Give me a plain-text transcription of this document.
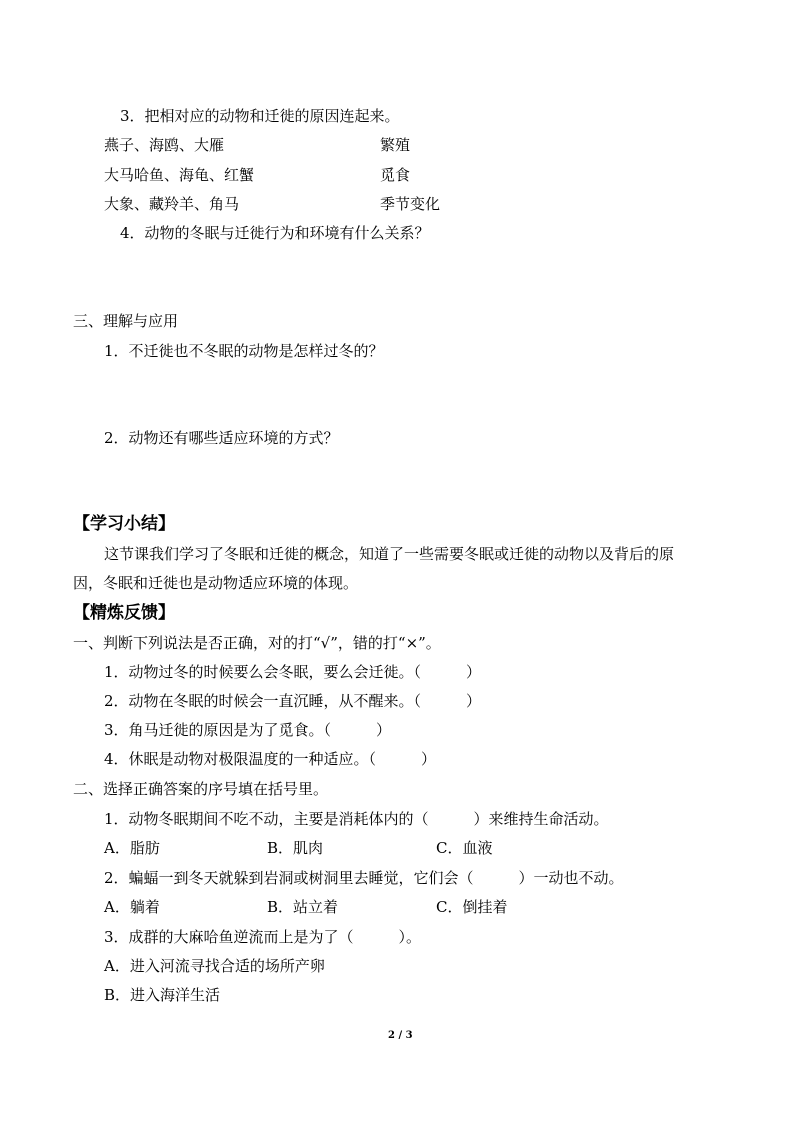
3．把相对应的动物和迁徙的原因连起来。
燕子、海鸥、大雁	繁殖
大马哈鱼、海龟、红蟹	觅食
大象、藏羚羊、角马	季节变化
4．动物的冬眠与迁徙行为和环境有什么关系？
三、理解与应用
1．不迁徙也不冬眠的动物是怎样过冬的？
2．动物还有哪些适应环境的方式？
【学习小结】
这节课我们学习了冬眠和迁徙的概念，知道了一些需要冬眠或迁徙的动物以及背后的原
因，冬眠和迁徙也是动物适应环境的体现。
【精炼反馈】
一、判断下列说法是否正确，对的打“√”，错的打“×”。
1．动物过冬的时候要么会冬眠，要么会迁徙。（　　　）
2．动物在冬眠的时候会一直沉睡，从不醒来。（　　　）
3．角马迁徙的原因是为了觅食。（　　　）
4．休眠是动物对极限温度的一种适应。（　　　）
二、选择正确答案的序号填在括号里。
1．动物冬眠期间不吃不动，主要是消耗体内的（　　　）来维持生命活动。
A．脂肪	B．肌肉	C．血液
2．蝙蝠一到冬天就躲到岩洞或树洞里去睡觉，它们会（　　　）一动也不动。
A．躺着	B．站立着	C．倒挂着
3．成群的大麻哈鱼逆流而上是为了（　　　）。
A．进入河流寻找合适的场所产卵
B．进入海洋生活
2 / 3
